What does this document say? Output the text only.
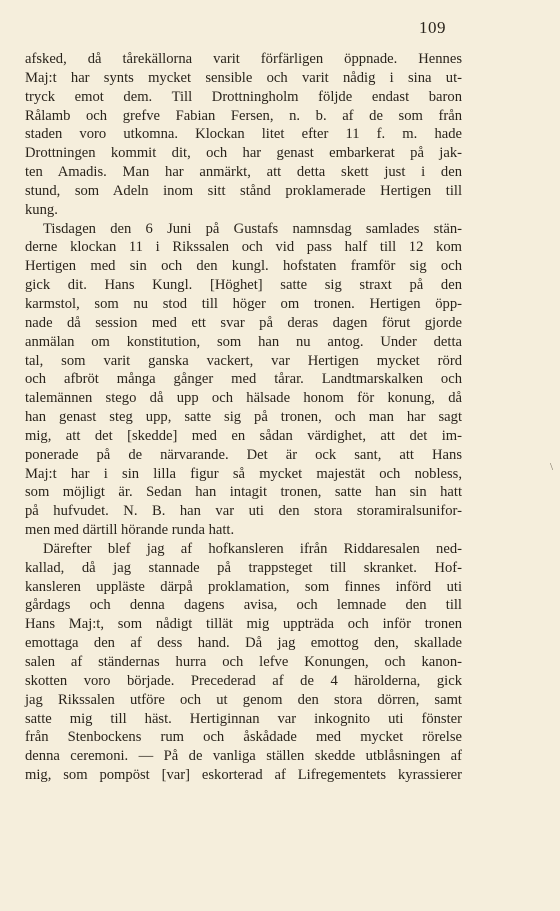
109
afsked, då tårekällorna varit förfärligen öppnade. Hennes
Maj:t har synts mycket sensible och varit nådig i sina ut-
tryck emot dem. Till Drottningholm följde endast baron
Rålamb och grefve Fabian Fersen, n. b. af de som från
staden voro utkomna. Klockan litet efter 11 f. m. hade
Drottningen kommit dit, och har genast embarkerat på jak-
ten Amadis. Man har anmärkt, att detta skett just i den
stund, som Adeln inom sitt stånd proklamerade Hertigen till
kung.
Tisdagen den 6 Juni på Gustafs namnsdag samlades stän-
derne klockan 11 i Rikssalen och vid pass half till 12 kom
Hertigen med sin och den kungl. hofstaten framför sig och
gick dit. Hans Kungl. [Höghet] satte sig straxt på den
karmstol, som nu stod till höger om tronen. Hertigen öpp-
nade då session med ett svar på deras dagen förut gjorde
anmälan om konstitution, som han nu antog. Under detta
tal, som varit ganska vackert, var Hertigen mycket rörd
och afbröt många gånger med tårar. Landtmarskalken och
talemännen stego då upp och hälsade honom för konung, då
han genast steg upp, satte sig på tronen, och man har sagt
mig, att det [skedde] med en sådan värdighet, att det im-
ponerade på de närvarande. Det är ock sant, att Hans
Maj:t har i sin lilla figur så mycket majestät och nobless,
som möjligt är. Sedan han intagit tronen, satte han sin hatt
på hufvudet. N. B. han var uti den stora storamiralsunifor-
men med därtill hörande runda hatt.
Därefter blef jag af hofkansleren ifrån Riddaresalen ned-
kallad, då jag stannade på trappsteget till skranket. Hof-
kansleren uppläste därpå proklamation, som finnes införd uti
gårdags och denna dagens avisa, och lemnade den till
Hans Maj:t, som nådigt tillät mig uppträda och inför tronen
emottaga den af dess hand. Då jag emottog den, skallade
salen af ständernas hurra och lefve Konungen, och kanon-
skotten voro började. Precederad af de 4 härolderna, gick
jag Rikssalen utföre och ut genom den stora dörren, samt
satte mig till häst. Hertiginnan var inkognito uti fönster
från Stenbockens rum och åskådade med mycket rörelse
denna ceremoni. — På de vanliga ställen skedde utblåsningen af
mig, som pompöst [var] eskorterad af Lifregementets kyrassierer
\
